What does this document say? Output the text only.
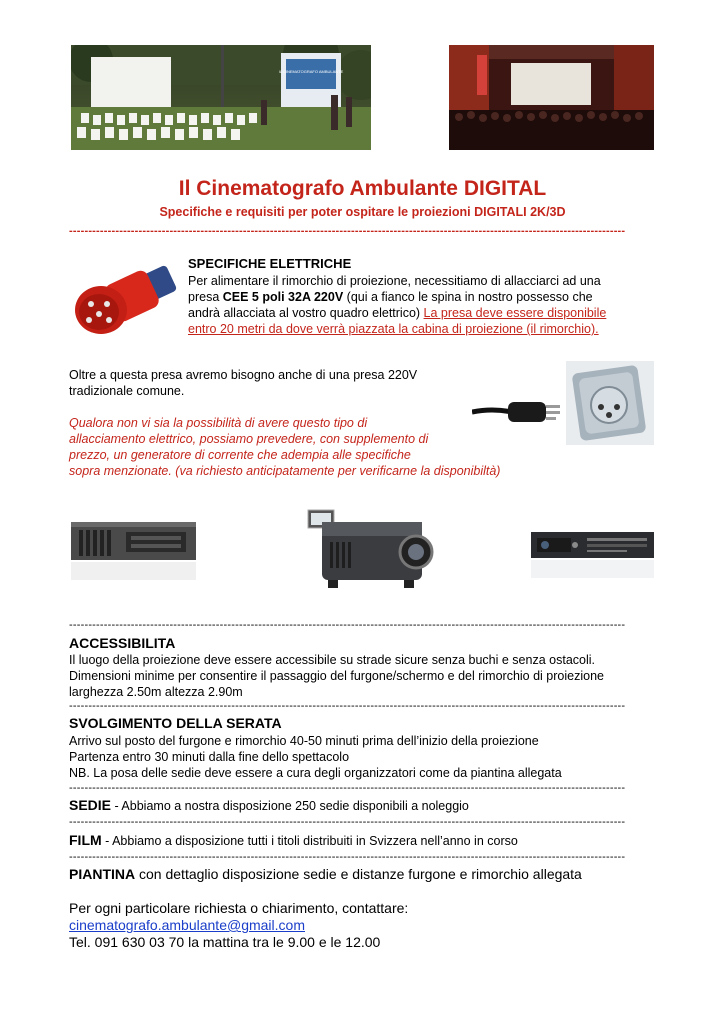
IL CINEMATOGRAFO AMBULANTE
Il Cinematografo Ambulante DIGITAL
Specifiche e requisiti per poter ospitare le proiezioni DIGITALI 2K/3D
------------------------------------------------------------------------------------------------------------------------------------------------
SPECIFICHE ELETTRICHE
Per alimentare il rimorchio di proiezione, necessitiamo di allacciarci ad una
presa CEE 5 poli 32A 220V (qui a fianco le spina in nostro possesso che
andrà allacciata al vostro quadro elettrico) La presa deve essere disponibile
entro 20 metri da dove verrà piazzata la cabina di proiezione (il rimorchio).
Oltre a questa presa avremo bisogno anche di una presa 220V
tradizionale comune.
Qualora non vi sia la possibilità di avere questo tipo di
allacciamento elettrico, possiamo prevedere, con supplemento di
prezzo, un generatore di corrente che adempia alle specifiche
sopra menzionate. (va richiesto anticipatamente per verificarne la disponibiltà)
------------------------------------------------------------------------------------------------------------------------------------------------
ACCESSIBILITA
Il luogo della proiezione deve essere accessibile su strade sicure senza buchi e senza ostacoli.
Dimensioni minime per consentire il passaggio del furgone/schermo e del rimorchio di proiezione
larghezza 2.50m altezza 2.90m
------------------------------------------------------------------------------------------------------------------------------------------------
SVOLGIMENTO DELLA SERATA
Arrivo sul posto del furgone e rimorchio 40-50 minuti prima dell’inizio della proiezione
Partenza entro 30 minuti dalla fine dello spettacolo
NB. La posa delle sedie deve essere a cura degli organizzatori come da piantina allegata
------------------------------------------------------------------------------------------------------------------------------------------------
SEDIE - Abbiamo a nostra disposizione 250 sedie disponibili a noleggio
------------------------------------------------------------------------------------------------------------------------------------------------
FILM - Abbiamo a disposizione tutti i titoli distribuiti in Svizzera nell’anno in corso
------------------------------------------------------------------------------------------------------------------------------------------------
PIANTINA con dettaglio disposizione sedie e distanze furgone e rimorchio allegata
Per ogni particolare richiesta o chiarimento, contattare:
cinematografo.ambulante@gmail.com
Tel. 091 630 03 70 la mattina tra le 9.00 e le 12.00
